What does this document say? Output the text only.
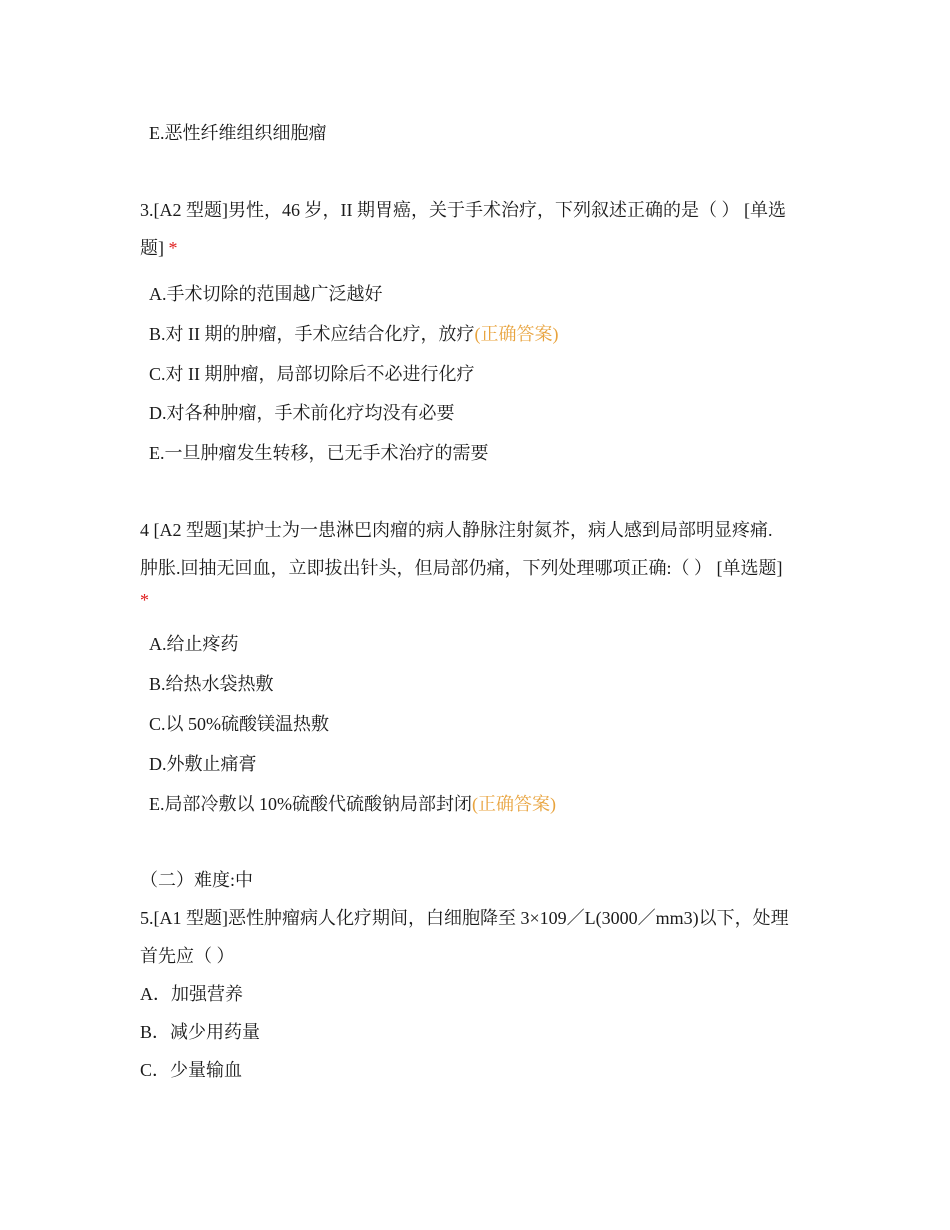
E.恶性纤维组织细胞瘤
3.[A2 型题]男性，46 岁，II 期胃癌，关于手术治疗，下列叙述正确的是（ ） [单选
题] *
A.手术切除的范围越广泛越好
B.对 II 期的肿瘤，手术应结合化疗，放疗(正确答案)
C.对 II 期肿瘤，局部切除后不必进行化疗
D.对各种肿瘤，手术前化疗均没有必要
E.一旦肿瘤发生转移，已无手术治疗的需要
4 [A2 型题]某护士为一患淋巴肉瘤的病人静脉注射氮芥，病人感到局部明显疼痛.
肿胀.回抽无回血，立即拔出针头，但局部仍痛，下列处理哪项正确:（ ） [单选题]
*
A.给止疼药
B.给热水袋热敷
C.以 50%硫酸镁温热敷
D.外敷止痛膏
E.局部冷敷以 10%硫酸代硫酸钠局部封闭(正确答案)
（二）难度:中
5.[A1 型题]恶性肿瘤病人化疗期间，白细胞降至 3×109／L(3000／mm3)以下，处理
首先应（ ）
A．加强营养
B．减少用药量
C．少量输血
